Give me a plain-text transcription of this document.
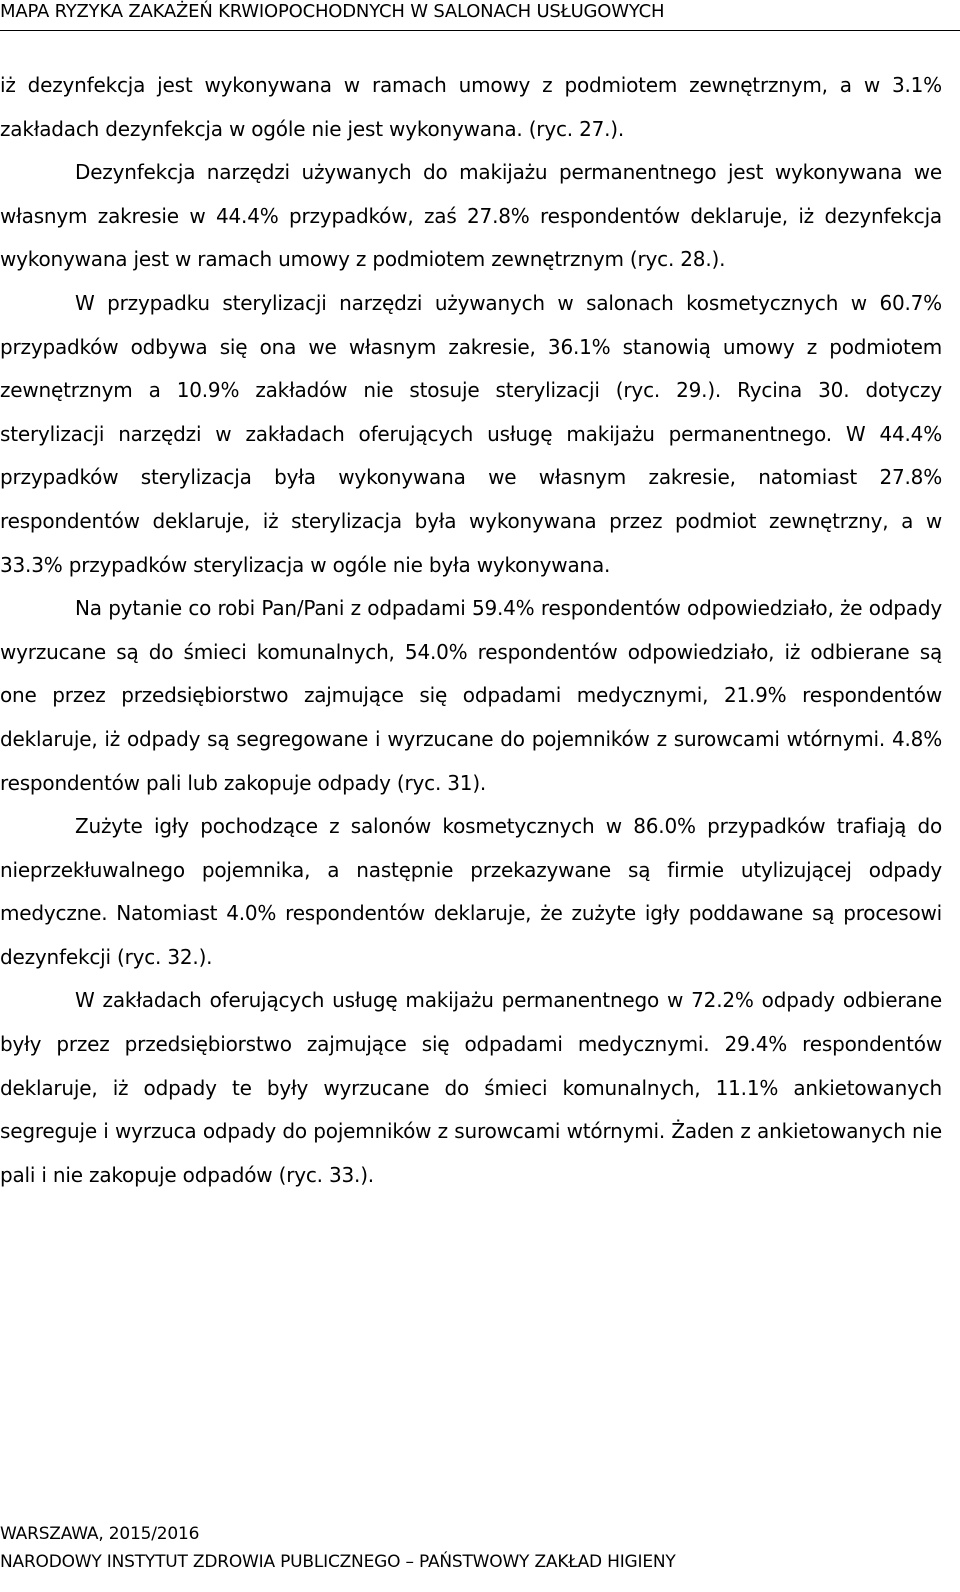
MAPA RYZYKA ZAKAŻEŃ KRWIOPOCHODNYCH W SALONACH USŁUGOWYCH

iż dezynfekcja jest wykonywana w ramach umowy z podmiotem zewnętrznym, a w 3.1% zakładach dezynfekcja w ogóle nie jest wykonywana. (ryc. 27.).

Dezynfekcja narzędzi używanych do makijażu permanentnego jest wykonywana we własnym zakresie w 44.4% przypadków, zaś 27.8% respondentów deklaruje, iż dezynfekcja wykonywana jest w ramach umowy z podmiotem zewnętrznym (ryc. 28.).

W przypadku sterylizacji narzędzi używanych w salonach kosmetycznych w 60.7% przypadków odbywa się ona we własnym zakresie, 36.1% stanowią umowy z podmiotem zewnętrznym a 10.9% zakładów nie stosuje sterylizacji (ryc. 29.). Rycina 30. dotyczy sterylizacji narzędzi w zakładach oferujących usługę makijażu permanentnego. W 44.4% przypadków sterylizacja była wykonywana we własnym zakresie, natomiast 27.8% respondentów deklaruje, iż sterylizacja była wykonywana przez podmiot zewnętrzny, a w 33.3% przypadków sterylizacja w ogóle nie była wykonywana.

Na pytanie co robi Pan/Pani z odpadami 59.4% respondentów odpowiedziało, że odpady wyrzucane są do śmieci komunalnych, 54.0% respondentów odpowiedziało, iż odbierane są one przez przedsiębiorstwo zajmujące się odpadami medycznymi, 21.9% respondentów deklaruje, iż odpady są segregowane i wyrzucane do pojemników z surowcami wtórnymi. 4.8% respondentów pali lub zakopuje odpady (ryc. 31).

Zużyte igły pochodzące z salonów kosmetycznych w 86.0% przypadków trafiają do nieprzekłuwalnego pojemnika, a następnie przekazywane są firmie utylizującej odpady medyczne. Natomiast 4.0% respondentów deklaruje, że zużyte igły poddawane są procesowi dezynfekcji (ryc. 32.).

W zakładach oferujących usługę makijażu permanentnego w 72.2% odpady odbierane były przez przedsiębiorstwo zajmujące się odpadami medycznymi. 29.4% respondentów deklaruje, iż odpady te były wyrzucane do śmieci komunalnych, 11.1% ankietowanych segreguje i wyrzuca odpady do pojemników z surowcami wtórnymi. Żaden z ankietowanych nie pali i nie zakopuje odpadów (ryc. 33.).

WARSZAWA, 2015/2016
NARODOWY INSTYTUT ZDROWIA PUBLICZNEGO – PAŃSTWOWY ZAKŁAD HIGIENY
